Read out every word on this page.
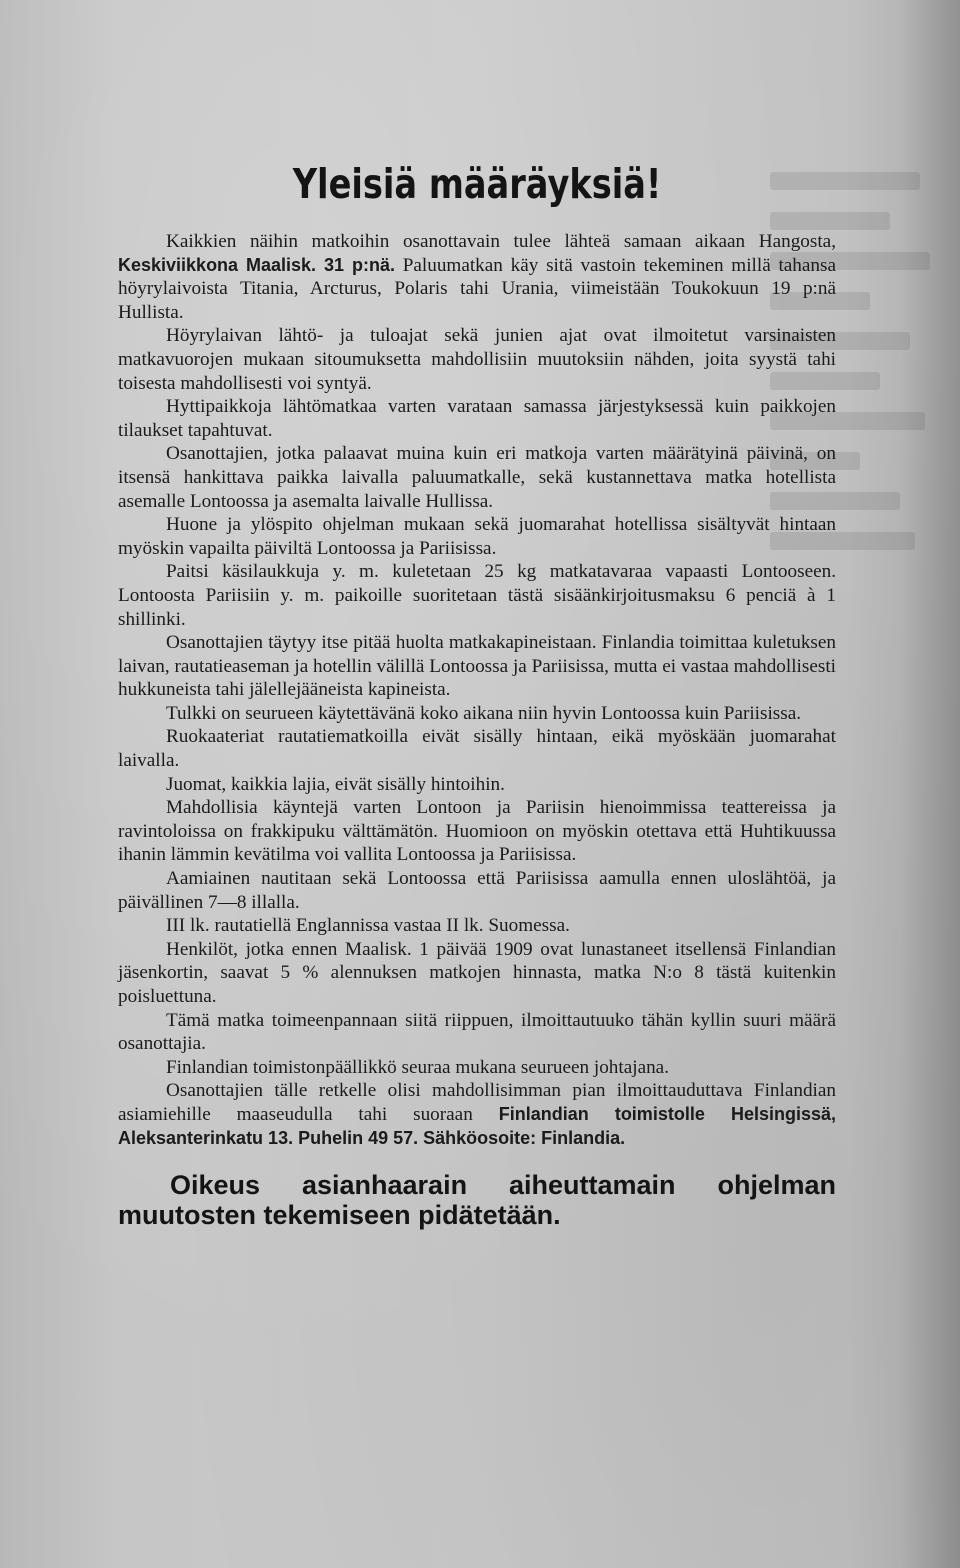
Yleisiä määräyksiä!

Kaikkien näihin matkoihin osanottavain tulee lähteä samaan aikaan Hangosta, Keskiviikkona Maalisk. 31 p:nä. Paluumatkan käy sitä vastoin tekeminen millä tahansa höyrylaivoista Titania, Arcturus, Polaris tahi Urania, viimeistään Toukokuun 19 p:nä Hullista.

Höyrylaivan lähtö- ja tuloajat sekä junien ajat ovat ilmoitetut varsinaisten matkavuorojen mukaan sitoumuksetta mahdollisiin muutoksiin nähden, joita syystä tahi toisesta mahdollisesti voi syntyä.

Hyttipaikkoja lähtömatkaa varten varataan samassa järjestyksessä kuin paikkojen tilaukset tapahtuvat.

Osanottajien, jotka palaavat muina kuin eri matkoja varten määrätyinä päivinä, on itsensä hankittava paikka laivalla paluumatkalle, sekä kustannettava matka hotellista asemalle Lontoossa ja asemalta laivalle Hullissa.

Huone ja ylöspito ohjelman mukaan sekä juomarahat hotellissa sisältyvät hintaan myöskin vapailta päiviltä Lontoossa ja Pariisissa.

Paitsi käsilaukkuja y. m. kuletetaan 25 kg matkatavaraa vapaasti Lontooseen. Lontoosta Pariisiin y. m. paikoille suoritetaan tästä sisäänkirjoitusmaksu 6 penciä à 1 shillinki.

Osanottajien täytyy itse pitää huolta matkakapineistaan. Finlandia toimittaa kuletuksen laivan, rautatieaseman ja hotellin välillä Lontoossa ja Pariisissa, mutta ei vastaa mahdollisesti hukkuneista tahi jälellejääneista kapineista.

Tulkki on seurueen käytettävänä koko aikana niin hyvin Lontoossa kuin Pariisissa.

Ruokaateriat rautatiematkoilla eivät sisälly hintaan, eikä myöskään juomarahat laivalla.

Juomat, kaikkia lajia, eivät sisälly hintoihin.

Mahdollisia käyntejä varten Lontoon ja Pariisin hienoimmissa teattereissa ja ravintoloissa on frakkipuku välttämätön. Huomioon on myöskin otettava että Huhtikuussa ihanin lämmin kevätilma voi vallita Lontoossa ja Pariisissa.

Aamiainen nautitaan sekä Lontoossa että Pariisissa aamulla ennen uloslähtöä, ja päivällinen 7—8 illalla.

III lk. rautatiellä Englannissa vastaa II lk. Suomessa.

Henkilöt, jotka ennen Maalisk. 1 päivää 1909 ovat lunastaneet itsellensä Finlandian jäsenkortin, saavat 5 % alennuksen matkojen hinnasta, matka N:o 8 tästä kuitenkin poisluettuna.

Tämä matka toimeenpannaan siitä riippuen, ilmoittautuuko tähän kyllin suuri määrä osanottajia.

Finlandian toimistonpäällikkö seuraa mukana seurueen johtajana.

Osanottajien tälle retkelle olisi mahdollisimman pian ilmoittauduttava Finlandian asiamiehille maaseudulla tahi suoraan Finlandian toimistolle Helsingissä, Aleksanterinkatu 13. Puhelin 49 57. Sähköosoite: Finlandia.

Oikeus asianhaarain aiheuttamain ohjelman muutosten tekemiseen pidätetään.
